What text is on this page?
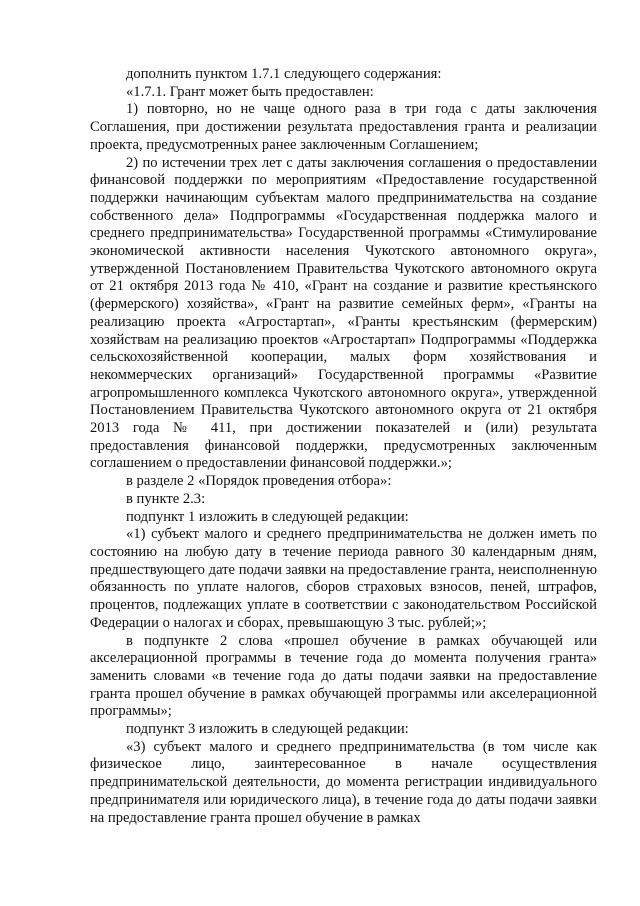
дополнить пунктом 1.7.1 следующего содержания:

«1.7.1. Грант может быть предоставлен:

1) повторно, но не чаще одного раза в три года с даты заключения Соглашения, при достижении результата предоставления гранта и реализации проекта, предусмотренных ранее заключенным Соглашением;

2) по истечении трех лет с даты заключения соглашения о предоставлении финансовой поддержки по мероприятиям «Предоставление государственной поддержки начинающим субъектам малого предпринимательства на создание собственного дела» Подпрограммы «Государственная поддержка малого и среднего предпринимательства» Государственной программы «Стимулирование экономической активности населения Чукотского автономного округа», утвержденной Постановлением Правительства Чукотского автономного округа от 21 октября 2013 года № 410, «Грант на создание и развитие крестьянского (фермерского) хозяйства», «Грант на развитие семейных ферм», «Гранты на реализацию проекта «Агростартап», «Гранты крестьянским (фермерским) хозяйствам на реализацию проектов «Агростартап» Подпрограммы «Поддержка сельскохозяйственной кооперации, малых форм хозяйствования и некоммерческих организаций» Государственной программы «Развитие агропромышленного комплекса Чукотского автономного округа», утвержденной Постановлением Правительства Чукотского автономного округа от 21 октября 2013 года № 411, при достижении показателей и (или) результата предоставления финансовой поддержки, предусмотренных заключенным соглашением о предоставлении финансовой поддержки.»;

в разделе 2 «Порядок проведения отбора»:

в пункте 2.3:

подпункт 1 изложить в следующей редакции:

«1) субъект малого и среднего предпринимательства не должен иметь по состоянию на любую дату в течение периода равного 30 календарным дням, предшествующего дате подачи заявки на предоставление гранта, неисполненную обязанность по уплате налогов, сборов страховых взносов, пеней, штрафов, процентов, подлежащих уплате в соответствии с законодательством Российской Федерации о налогах и сборах, превышающую 3 тыс. рублей;»;

в подпункте 2 слова «прошел обучение в рамках обучающей или акселерационной программы в течение года до момента получения гранта» заменить словами «в течение года до даты подачи заявки на предоставление гранта прошел обучение в рамках обучающей программы или акселерационной программы»;

подпункт 3 изложить в следующей редакции:

«3) субъект малого и среднего предпринимательства (в том числе как физическое лицо, заинтересованное в начале осуществления предпринимательской деятельности, до момента регистрации индивидуального предпринимателя или юридического лица), в течение года до даты подачи заявки на предоставление гранта прошел обучение в рамках
